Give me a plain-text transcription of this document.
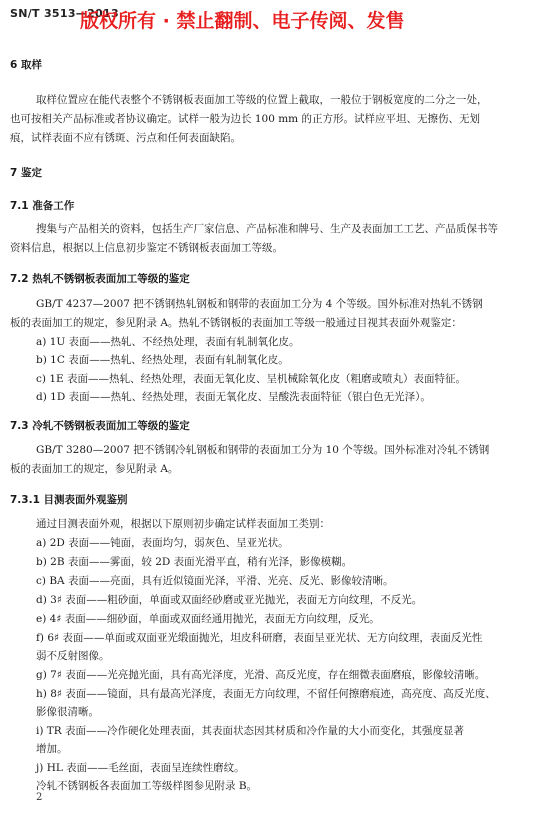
SN/T 3513—2013
版权所有 · 禁止翻制、电子传阅、发售
6 取样
取样位置应在能代表整个不锈钢板表面加工等级的位置上截取，一般位于钢板宽度的二分之一处，
也可按相关产品标准或者协议确定。试样一般为边长 100 mm 的正方形。试样应平坦、无擦伤、无划
痕，试样表面不应有锈斑、污点和任何表面缺陷。
7 鉴定
7.1 准备工作
搜集与产品相关的资料，包括生产厂家信息、产品标准和牌号、生产及表面加工工艺、产品质保书等
资料信息，根据以上信息初步鉴定不锈钢板表面加工等级。
7.2 热轧不锈钢板表面加工等级的鉴定
GB/T 4237—2007 把不锈钢热轧钢板和钢带的表面加工分为 4 个等级。国外标准对热轧不锈钢
板的表面加工的规定，参见附录 A。热轧不锈钢板的表面加工等级一般通过目视其表面外观鉴定：
a) 1U 表面——热轧、不经热处理，表面有轧制氧化皮。
b) 1C 表面——热轧、经热处理，表面有轧制氧化皮。
c) 1E 表面——热轧、经热处理，表面无氧化皮、呈机械除氧化皮（粗磨或喷丸）表面特征。
d) 1D 表面——热轧、经热处理，表面无氧化皮、呈酸洗表面特征（银白色无光泽）。
7.3 冷轧不锈钢板表面加工等级的鉴定
GB/T 3280—2007 把不锈钢冷轧钢板和钢带的表面加工分为 10 个等级。国外标准对冷轧不锈钢
板的表面加工的规定，参见附录 A。
7.3.1 目测表面外观鉴别
通过目测表面外观，根据以下原则初步确定试样表面加工类别：
a) 2D 表面——钝面，表面均匀，弱灰色、呈亚光状。
b) 2B 表面——雾面，较 2D 表面光滑平直，稍有光泽，影像模糊。
c) BA 表面——亮面，具有近似镜面光泽，平滑、光亮、反光、影像较清晰。
d) 3♯ 表面——粗砂面，单面或双面经砂磨或亚光抛光，表面无方向纹理，不反光。
e) 4♯ 表面——细砂面，单面或双面经通用抛光，表面无方向纹理，反光。
f) 6♯ 表面——单面或双面亚光缎面抛光，坦皮科研磨，表面呈亚光状、无方向纹理，表面反光性
弱不反射图像。
g) 7♯ 表面——光亮抛光面，具有高光泽度，光滑、高反光度，存在细微表面磨痕，影像较清晰。
h) 8♯ 表面——镜面，具有最高光泽度，表面无方向纹理，不留任何擦磨痕迹，高亮度、高反光度、
影像很清晰。
i) TR 表面——冷作硬化处理表面，其表面状态因其材质和冷作量的大小而变化，其强度显著
增加。
j) HL 表面——毛丝面，表面呈连续性磨纹。
冷轧不锈钢板各表面加工等级样图参见附录 B。
2
